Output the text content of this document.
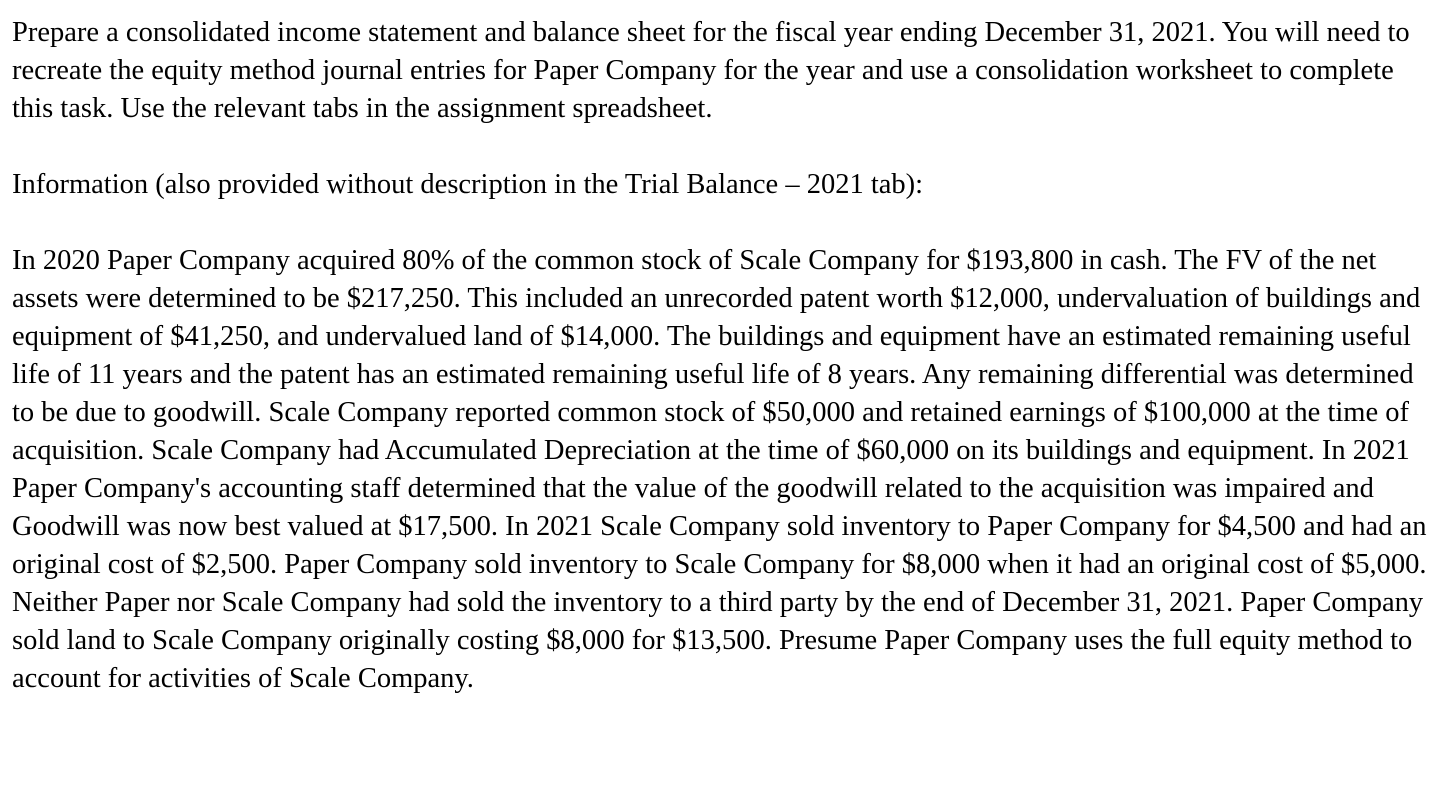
Prepare a consolidated income statement and balance sheet for the fiscal year ending December 31, 2021. You will need to recreate the equity method journal entries for Paper Company for the year and use a consolidation worksheet to complete this task. Use the relevant tabs in the assignment spreadsheet.

Information (also provided without description in the Trial Balance – 2021 tab):

In 2020 Paper Company acquired 80% of the common stock of Scale Company for $193,800 in cash. The FV of the net assets were determined to be $217,250. This included an unrecorded patent worth $12,000, undervaluation of buildings and equipment of $41,250, and undervalued land of $14,000. The buildings and equipment have an estimated remaining useful life of 11 years and the patent has an estimated remaining useful life of 8 years. Any remaining differential was determined to be due to goodwill. Scale Company reported common stock of $50,000 and retained earnings of $100,000 at the time of acquisition. Scale Company had Accumulated Depreciation at the time of $60,000 on its buildings and equipment. In 2021 Paper Company's accounting staff determined that the value of the goodwill related to the acquisition was impaired and Goodwill was now best valued at $17,500. In 2021 Scale Company sold inventory to Paper Company for $4,500 and had an original cost of $2,500. Paper Company sold inventory to Scale Company for $8,000 when it had an original cost of $5,000. Neither Paper nor Scale Company had sold the inventory to a third party by the end of December 31, 2021. Paper Company sold land to Scale Company originally costing $8,000 for $13,500. Presume Paper Company uses the full equity method to account for activities of Scale Company.
